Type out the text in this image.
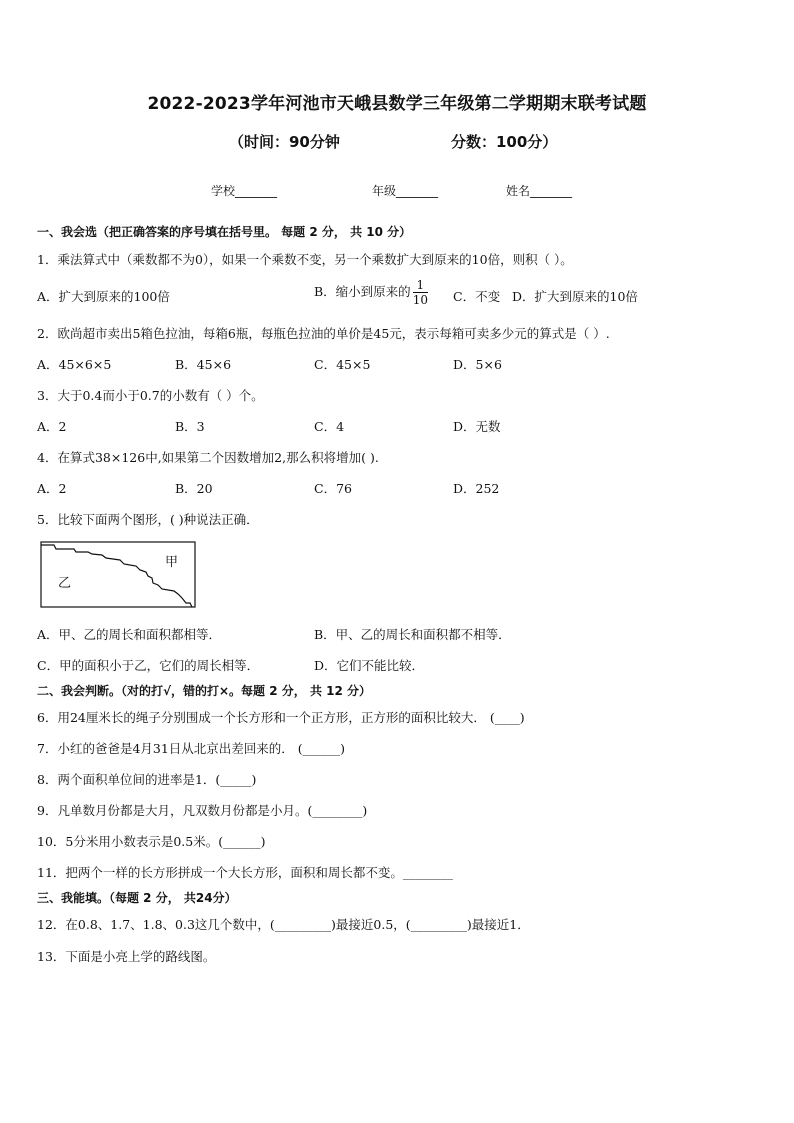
2022-2023学年河池市天峨县数学三年级第二学期期末联考试题
（时间：90分钟	分数：100分）
学校_______	年级_______	姓名_______
一、我会选（把正确答案的序号填在括号里。 每题 2 分， 共 10 分）
1．乘法算式中（乘数都不为0），如果一个乘数不变，另一个乘数扩大到原来的10倍，则积（ ）。
A．扩大到原来的100倍	B．缩小到原来的 $\frac{1}{10}$ C．不变 D．扩大到原来的10倍
2．欧尚超市卖出5箱色拉油，每箱6瓶，每瓶色拉油的单价是45元，表示每箱可卖多少元的算式是（ ）.
A．45×6×5	B．45×6	C．45×5	D．5×6
3．大于0.4而小于0.7的小数有（ ）个。
A．2	B．3	C．4	D．无数
4．在算式38×126中,如果第二个因数增加2,那么积将增加( ).
A．2	B．20	C．76	D．252
5．比较下面两个图形，( )种说法正确．
甲
乙
A．甲、乙的周长和面积都相等．	B．甲、乙的周长和面积都不相等．
C．甲的面积小于乙，它们的周长相等．	D．它们不能比较．
二、我会判断。（对的打√，错的打×。每题 2 分， 共 12 分）
6．用24厘米长的绳子分别围成一个长方形和一个正方形，正方形的面积比较大． (____)
7．小红的爸爸是4月31日从北京出差回来的． (______)
8．两个面积单位间的进率是1．(_____)
9．凡单数月份都是大月，凡双数月份都是小月。(________)
10．5分米用小数表示是0.5米。(______)
11．把两个一样的长方形拼成一个大长方形，面积和周长都不变。________
三、我能填。（每题 2 分， 共24分）
12．在0.8、1.7、1.8、0.3这几个数中，(_________)最接近0.5，(_________)最接近1．
13．下面是小亮上学的路线图。
